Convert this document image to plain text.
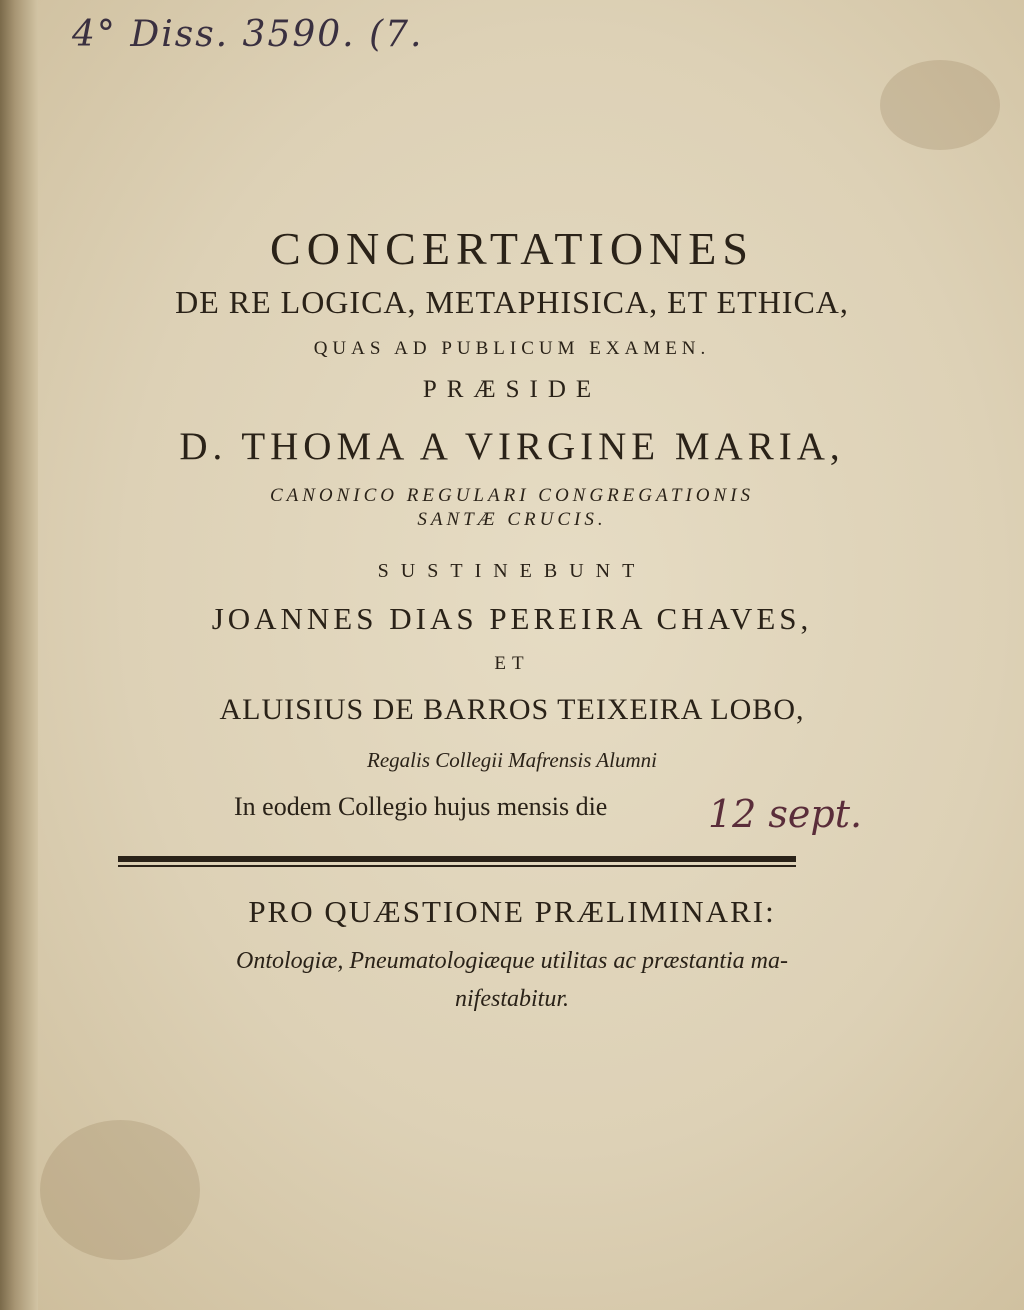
4° Diss. 3590. (7.
CONCERTATIONES
DE RE LOGICA, METAPHISICA, ET ETHICA,
QUAS AD PUBLICUM EXAMEN.
PRÆSIDE
D. THOMA A VIRGINE MARIA,
CANONICO REGULARI CONGREGATIONIS
SANTÆ CRUCIS.
SUSTINEBUNT
JOANNES DIAS PEREIRA CHAVES,
ET
ALUISIUS DE BARROS TEIXEIRA LOBO,
Regalis Collegii Mafrensis Alumni
In eodem Collegio hujus mensis die	12 sept.
PRO QUÆSTIONE PRÆLIMINARI:
Ontologiæ, Pneumatologiæque utilitas ac præstantia ma-
nifestabitur.
